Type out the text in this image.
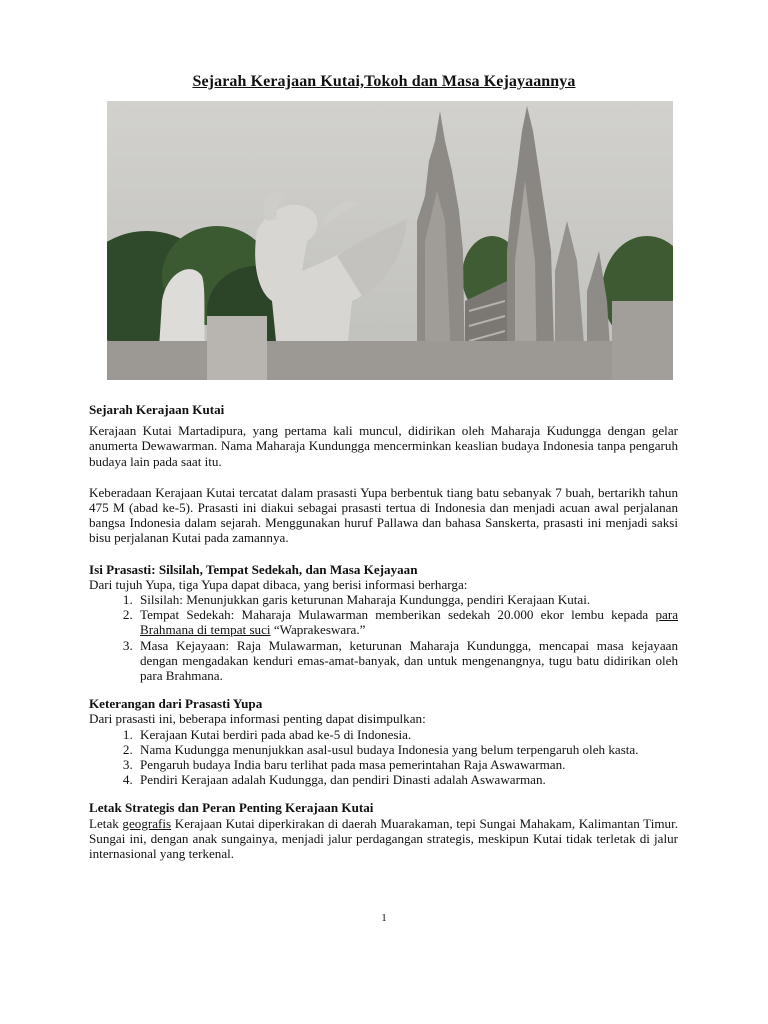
Sejarah Kerajaan Kutai,Tokoh dan Masa Kejayaannya
Sejarah Kerajaan Kutai

Kerajaan Kutai Martadipura, yang pertama kali muncul, didirikan oleh Maharaja Kudungga dengan gelar anumerta Dewawarman. Nama Maharaja Kundungga mencerminkan keaslian budaya Indonesia tanpa pengaruh budaya lain pada saat itu.

Keberadaan Kerajaan Kutai tercatat dalam prasasti Yupa berbentuk tiang batu sebanyak 7 buah, bertarikh tahun 475 M (abad ke-5). Prasasti ini diakui sebagai prasasti tertua di Indonesia dan menjadi acuan awal perjalanan bangsa Indonesia dalam sejarah. Menggunakan huruf Pallawa dan bahasa Sanskerta, prasasti ini menjadi saksi bisu perjalanan Kutai pada zamannya.

Isi Prasasti: Silsilah, Tempat Sedekah, dan Masa Kejayaan

Dari tujuh Yupa, tiga Yupa dapat dibaca, yang berisi informasi berharga:

1. Silsilah: Menunjukkan garis keturunan Maharaja Kundungga, pendiri Kerajaan Kutai.
2. Tempat Sedekah: Maharaja Mulawarman memberikan sedekah 20.000 ekor lembu kepada para Brahmana di tempat suci “Waprakeswara.”
3. Masa Kejayaan: Raja Mulawarman, keturunan Maharaja Kundungga, mencapai masa kejayaan dengan mengadakan kenduri emas-amat-banyak, dan untuk mengenangnya, tugu batu didirikan oleh para Brahmana.
Keterangan dari Prasasti Yupa

Dari prasasti ini, beberapa informasi penting dapat disimpulkan:

1. Kerajaan Kutai berdiri pada abad ke-5 di Indonesia.
2. Nama Kudungga menunjukkan asal-usul budaya Indonesia yang belum terpengaruh oleh kasta.
3. Pengaruh budaya India baru terlihat pada masa pemerintahan Raja Aswawarman.
4. Pendiri Kerajaan adalah Kudungga, dan pendiri Dinasti adalah Aswawarman.
Letak Strategis dan Peran Penting Kerajaan Kutai

Letak geografis Kerajaan Kutai diperkirakan di daerah Muarakaman, tepi Sungai Mahakam, Kalimantan Timur. Sungai ini, dengan anak sungainya, menjadi jalur perdagangan strategis, meskipun Kutai tidak terletak di jalur internasional yang terkenal.

1
